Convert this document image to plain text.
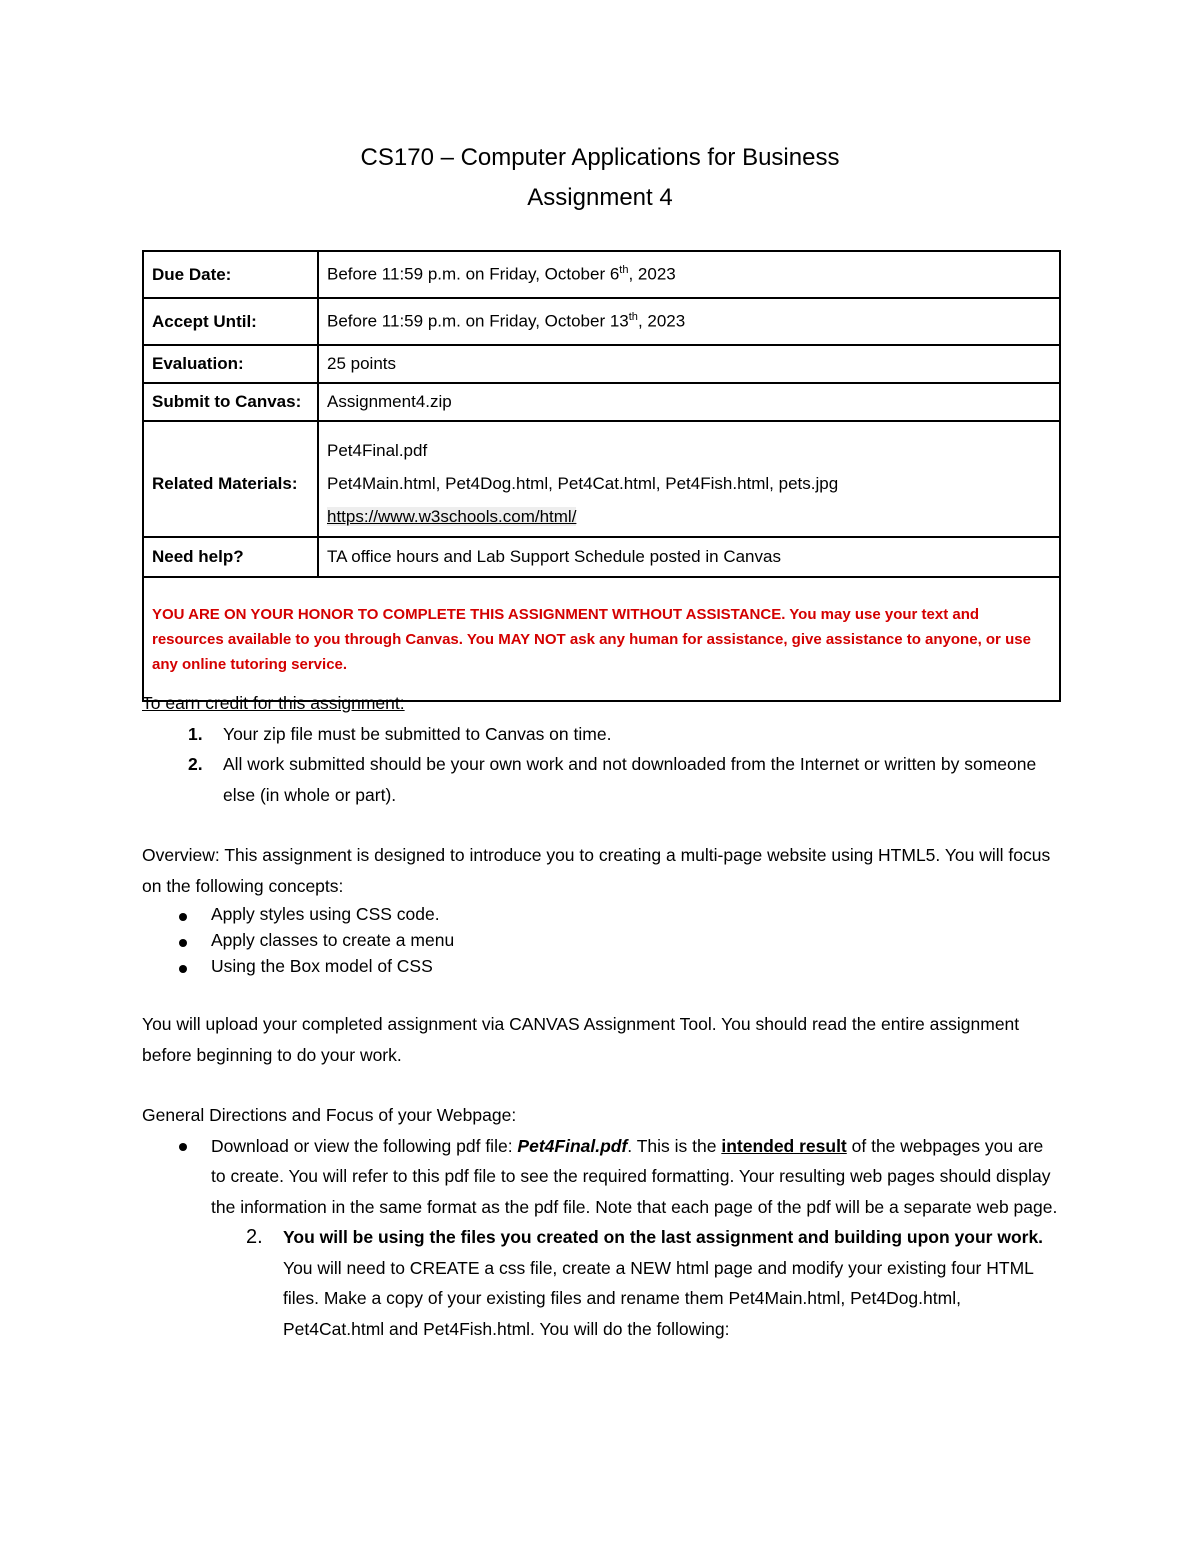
CS170 – Computer Applications for Business
Assignment 4
Due Date:	Before 11:59 p.m. on Friday, October 6th, 2023
Accept Until:	Before 11:59 p.m. on Friday, October 13th, 2023
Evaluation:	25 points
Submit to Canvas:	Assignment4.zip
Related Materials:	Pet4Final.pdf
Pet4Main.html, Pet4Dog.html, Pet4Cat.html, Pet4Fish.html, pets.jpg
https://www.w3schools.com/html/

Need help?	TA office hours and Lab Support Schedule posted in Canvas
YOU ARE ON YOUR HONOR TO COMPLETE THIS ASSIGNMENT WITHOUT ASSISTANCE. You may use your text and resources available to you through Canvas. You MAY NOT ask any human for assistance, give assistance to anyone, or use any online tutoring service.	
To earn credit for this assignment:
1. Your zip file must be submitted to Canvas on time.
2. All work submitted should be your own work and not downloaded from the Internet or written by someone else (in whole or part).
Overview: This assignment is designed to introduce you to creating a multi-page website using HTML5. You will focus on the following concepts:
Apply styles using CSS code.
Apply classes to create a menu
Using the Box model of CSS
You will upload your completed assignment via CANVAS Assignment Tool. You should read the entire assignment before beginning to do your work.
General Directions and Focus of your Webpage:
Download or view the following pdf file: Pet4Final.pdf. This is the intended result of the webpages you are to create. You will refer to this pdf file to see the required formatting. Your resulting web pages should display the information in the same format as the pdf file. Note that each page of the pdf will be a separate web page.
2. You will be using the files you created on the last assignment and building upon your work. You will need to CREATE a css file, create a NEW html page and modify your existing four HTML files. Make a copy of your existing files and rename them Pet4Main.html, Pet4Dog.html, Pet4Cat.html and Pet4Fish.html. You will do the following:
